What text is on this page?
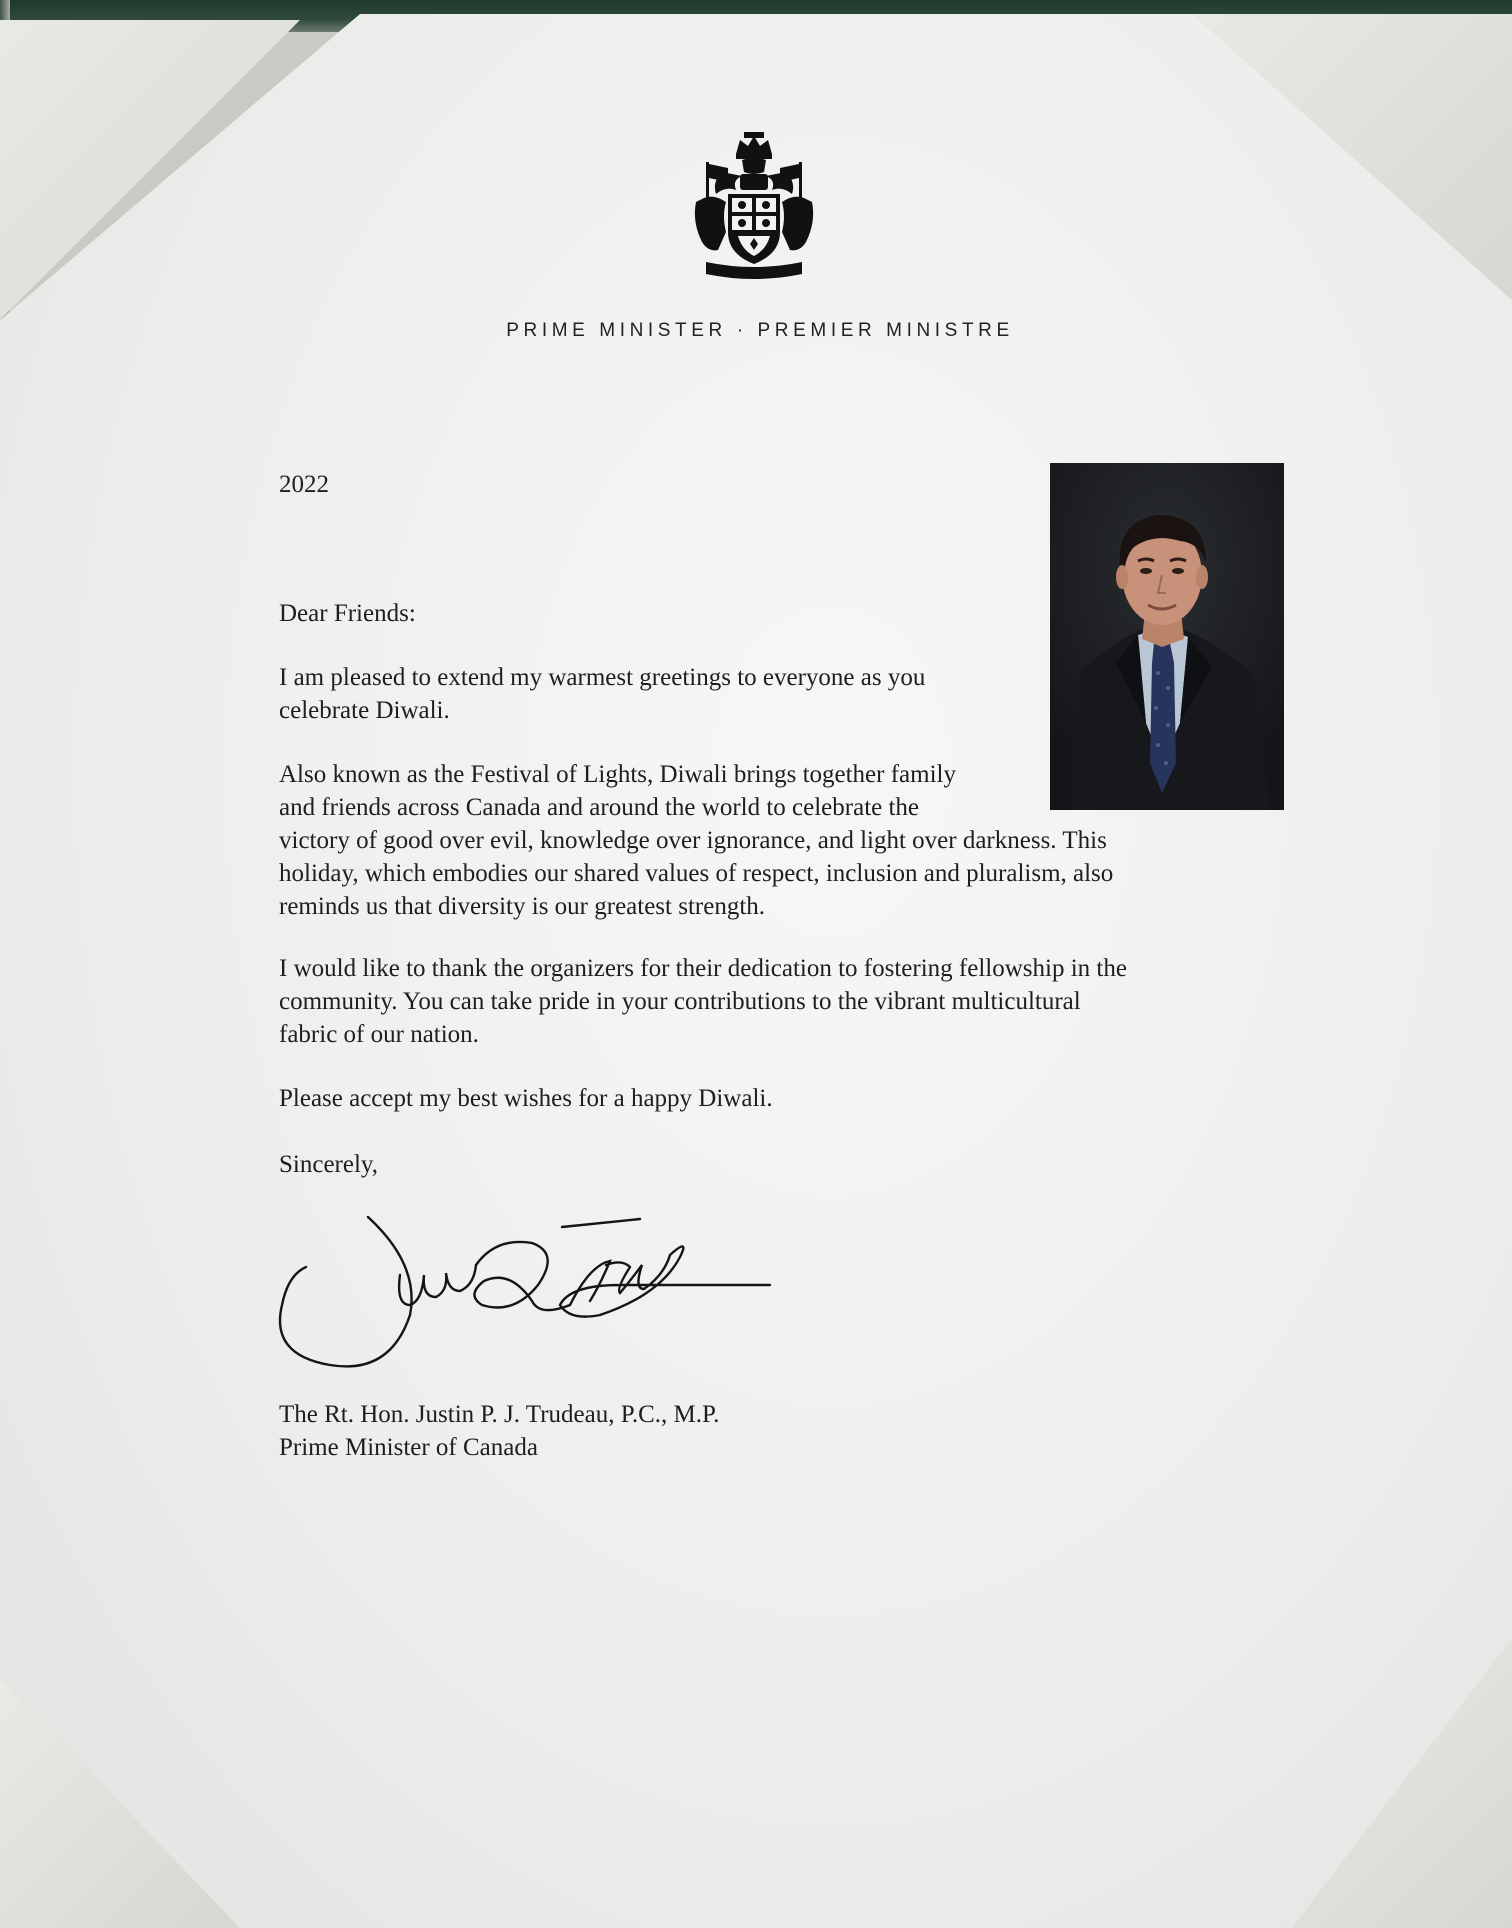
PRIME MINISTER · PREMIER MINISTRE
2022
Dear Friends:
I am pleased to extend my warmest greetings to everyone as you
celebrate Diwali.
Also known as the Festival of Lights, Diwali brings together family
and friends across Canada and around the world to celebrate the
victory of good over evil, knowledge over ignorance, and light over darkness. This
holiday, which embodies our shared values of respect, inclusion and pluralism, also
reminds us that diversity is our greatest strength.
I would like to thank the organizers for their dedication to fostering fellowship in the
community. You can take pride in your contributions to the vibrant multicultural
fabric of our nation.
Please accept my best wishes for a happy Diwali.
Sincerely,
The Rt. Hon. Justin P. J. Trudeau, P.C., M.P.
Prime Minister of Canada
